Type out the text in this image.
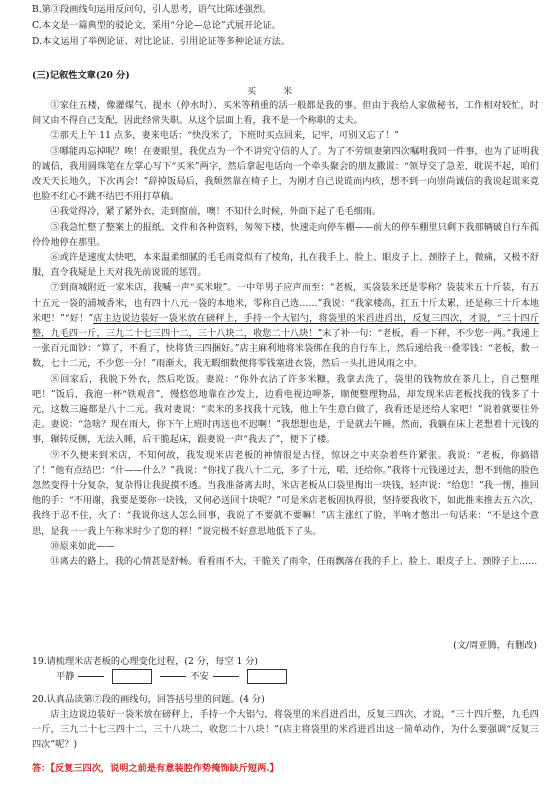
B.第③段画线句运用反问句，引人思考，语气比陈述强烈。
C.本文是一篇典型的驳论文，采用“分论—总论”式展开论证。
D.本文运用了举例论证、对比论证、引用论证等多种论证方法。
(三)记叙性文章(20 分)
买 米

①家住五楼，像灌煤气、提水（停水时）、买米等稍重的活一般都是我的事。但由于我给人家做秘书，工作相对较忙，时间又由不得自己支配，因此经常失职。从这个层面上看，我不是一个称职的丈夫。

②那天上午 11 点多，妻来电话：“快没米了，下班时买点回来，记牢，可别又忘了！”

③哪能再忘掉呢？唉！在妻眼里，我优点为一个不讲究守信的人了。为了不劳烦妻第四次嘱咐我同一件事，也为了证明我的诚信，我用圆珠笔在左掌心写下“买米”两字，然后拿起电话向一个牵头聚会的朋友撒谎：“领导交了急差，耽误不起，咱们改天天长地久，下次再会！”辞掉饭局后，我颓然靠在椅子上，为刚才自己说谎而内疚，想不到一向崇尚诚信的我说起谎来竟也脸不红心不跳不结巴不用打草稿。

④我觉得冷，紧了紧外衣，走到窗前，噢！不知什么时候，外面下起了毛毛细雨。

⑤我急忙整了整案上的报纸、文件和各种资料，匆匆下楼，快速走向停车棚——前大的停车棚里只剩下我那辆破自行车孤伶伶地停在那里。

⑥或许是速度太快吧，本来温柔细腻的毛毛雨竟似有了棱角，扎在我手上、脸上、眼皮子上、颈脖子上，微痛，又极不舒服，直令我疑是上天对我先前说谎的惩罚。

⑦到商城附近一家米店，我喊一声“买米啦”。一中年男子应声而至：“老板，买袋装米还是零称？袋装米五十斤装，有五十五元一袋的浦城香米，也有四十八元一袋的本地米，零称自己选……”我说：“我家楼高，扛五十斤太累，还是称三十斤本地米吧！”“好！”店主边说边装好一袋米放在磅秤上，手持一个大铝勺，将袋里的米舀进舀出，反复三四次，才说，“三十四斤整，九毛四一斤，三九二十七三四十二，三十八块二，收您二十八块！”末了补一句：“老板，看一下秤，不少您一两。”我递上一张百元面钞：“算了，不看了，快将货三四捆好。”店主麻利地将米袋绑在我的自行车上，然后递给我一叠零钱：“老板，数一数，七十二元，不少您一分！”雨渐大，我无暇细数便将零钱塞进衣袋，然后一头扎进风雨之中。

⑧回家后，我脱下外衣，然后吃饭。妻说：“你外衣沾了许多米糠，我拿去洗了，袋里的钱物放在茶几上，自己整理吧！”饭后，我泡一杯“铁观音”，慢悠悠地靠在沙发上，边看电视边呷茶，顺便整理物品，却发现米店老板找我的钱多了十元，这数三遍都是八十二元。我对妻说：“卖米的多找我十元钱，他上午生意白做了，我看还是还给人家吧！”说着就要往外走。妻说：“急啥？现在雨大，你下午上班时再送也不迟啊！”我想想也是，于是就去午睡，然而，我躺在床上老想着十元钱的事，辗转反侧，无法入睡，后干脆起床，跟妻说一声“我去了”，便下了楼。

⑨不久便来到米店，不知何故，我发现米店老板的神情很是古怪，惊讶之中夹杂着些许紧张。我说：“老板，你搞错了！”他有点结巴：“什——什么？”我说：“你找了我八十二元，多了十元，喏，还给你。”我将十元钱递过去，想不到他的脸色忽然变得十分复杂，复杂得让我捉摸不透。当我准备离去时，米店老板从口袋里掏出一块钱，轻声说：“给您！”我一愣，推回他的手：“不用谢，我要是要你一块钱，又何必送回十块呢？”可是米店老板固执得很，坚持要我收下，如此推来推去五六次，我终于忍不住，火了：“我说你这人怎么回事，我说了不要就不要嘛！”店主涨红了脸，半响才憋出一句话来：“不是这个意思，是我一一我上午称米时少了您的秤！”说完极不好意思地低下了头。

⑩原来如此——

⑪离去的路上，我的心情甚是舒畅。看看雨不大，干脆关了雨伞，任雨飘落在我的手上、脸上、眼皮子上、颈脖子上……

(文/周亚腾，有删改)
19.请梳理米店老板的心理变化过程，(2 分，每空 1 分)
平静	不安
20.认真品读第⑦段的画线句，回答括号里的问题。(4 分)
店主边说边装好一袋米放在磅秤上，手持一个大铝勺，将袋里的米舀进舀出，反复三四次，才说，“三十四斤整，九毛四一斤，三九二十七三四十二，三十八块二，收您二十八块！”(店主将袋里的米舀进舀出这一简单动作，为什么要强调“反复三四次”呢？)
答：【反复三四次，说明之前是有意装腔作势掩饰缺斤短两.】
